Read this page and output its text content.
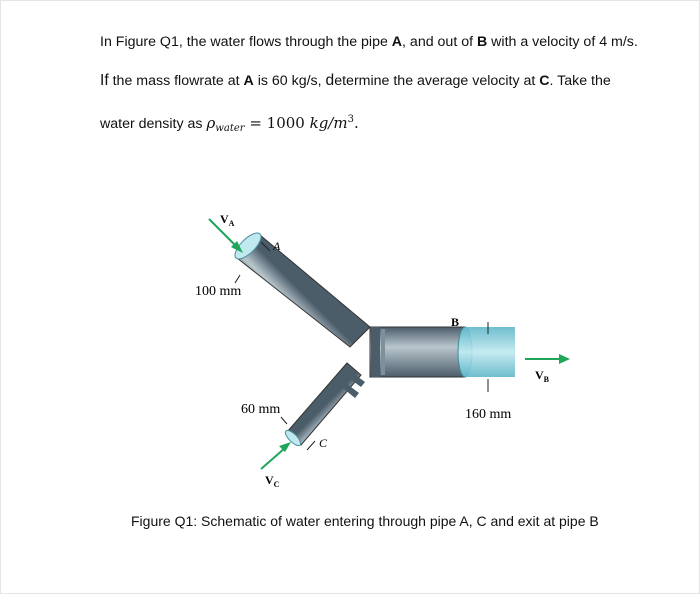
In Figure Q1, the water flows through the pipe A, and out of B with a velocity of 4 m/s.
If the mass flowrate at A is 60 kg/s, determine the average velocity at C. Take the
water density as $\rho_{water} = 1000$ $kg/m^3$.
$V_A$
A
100 mm
B
$V_B$
60 mm	160 mm
C
$V_C$
Figure Q1: Schematic of water entering through pipe A, C and exit at pipe B
